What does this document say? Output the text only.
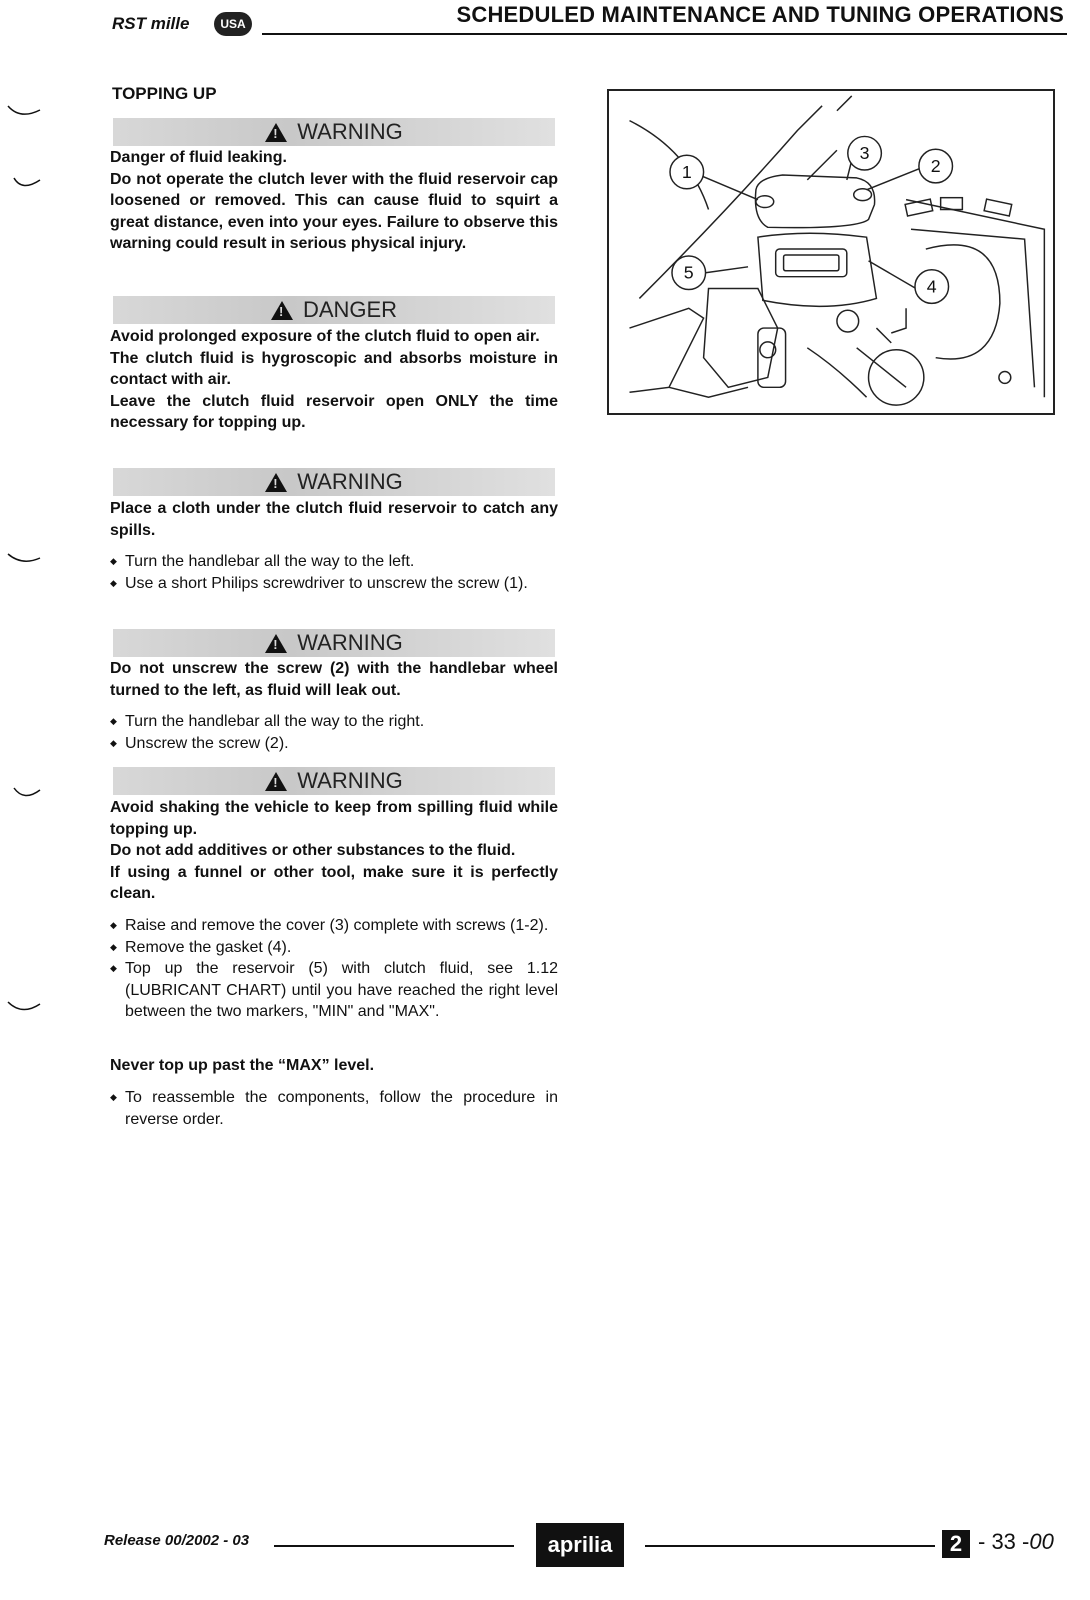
RST mille	USA	SCHEDULED MAINTENANCE AND TUNING OPERATIONS
TOPPING UP
!
WARNING

Danger of fluid leaking.

Do not operate the clutch lever with the fluid reservoir cap loosened or removed. This can cause fluid to squirt a great distance, even into your eyes. Failure to observe this warning could result in serious physical injury.

!
DANGER

Avoid prolonged exposure of the clutch fluid to open air.

The clutch fluid is hygroscopic and absorbs moisture in contact with air.

Leave the clutch fluid reservoir open ONLY the time necessary for topping up.

!
WARNING

Place a cloth under the clutch fluid reservoir to catch any spills.

◆ Turn the handlebar all the way to the left.
◆ Use a short Philips screwdriver to unscrew the screw (1).
!
WARNING

Do not unscrew the screw (2) with the handlebar wheel turned to the left, as fluid will leak out.

◆ Turn the handlebar all the way to the right.
◆ Unscrew the screw (2).
!
WARNING

Avoid shaking the vehicle to keep from spilling fluid while topping up.

Do not add additives or other substances to the fluid.

If using a funnel or other tool, make sure it is perfectly clean.

◆ Raise and remove the cover (3) complete with screws (1-2).
◆ Remove the gasket (4).
◆ Top up the reservoir (5) with clutch fluid, see 1.12 (LUBRICANT CHART) until you have reached the right level between the two markers, "MIN" and "MAX".
Never top up past the “MAX” level.
◆ To reassemble the components, follow the procedure in reverse order.
1	2
3
4
5
Release 00/2002 - 03	aprilia	2 - 33 -00
